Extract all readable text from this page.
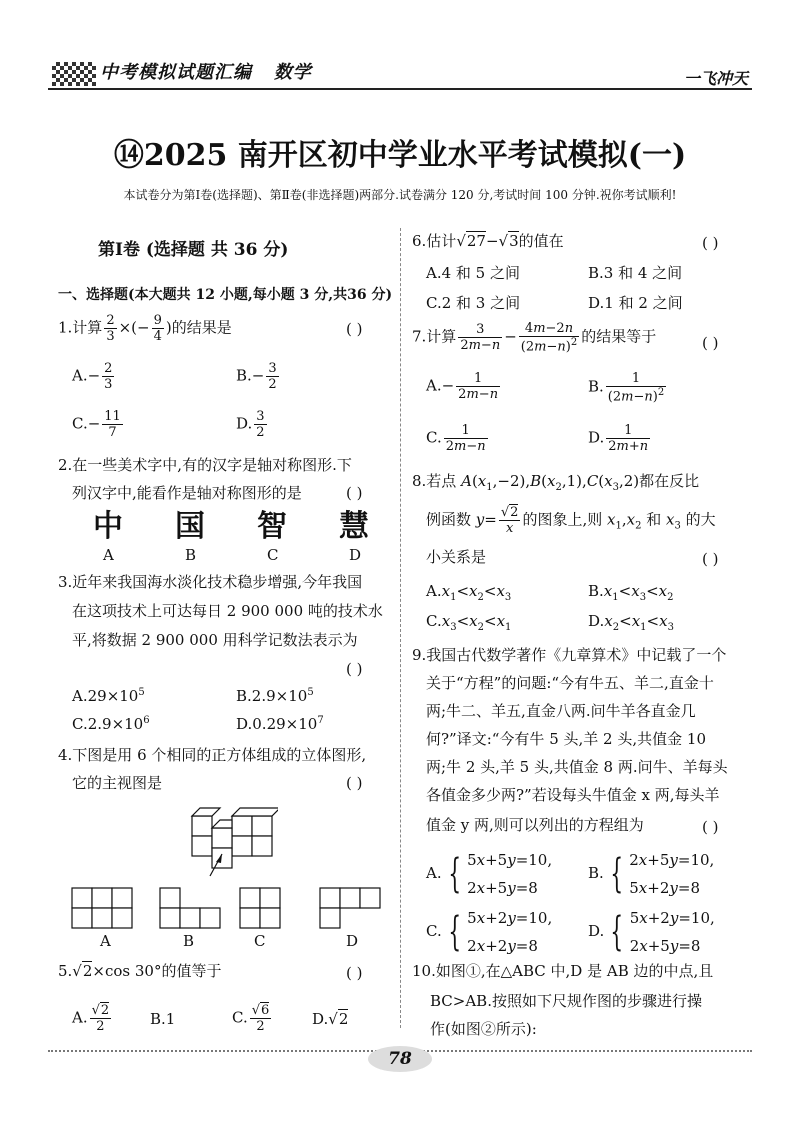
中考模拟试题汇编 数学	一飞冲天
⑭2025 南开区初中学业水平考试模拟(一)
本试卷分为第Ⅰ卷(选择题)、第Ⅱ卷(非选择题)两部分.试卷满分 120 分,考试时间 100 分钟.祝你考试顺利!
第Ⅰ卷 (选择题 共 36 分)
一、选择题(本大题共 12 小题,每小题 3 分,共36 分)
1.计算 $\frac{2}{3}$ ×(− $\frac{9}{4}$ )的结果是	( )
$A.- \frac{2}{3}$	$B.- \frac{3}{2}$
$C.- \frac{11}{7}$	D. $\frac{3}{2}$
2.在一些美术字中,有的汉字是轴对称图形.下
列汉字中,能看作是轴对称图形的是	( )
中 国 智 慧
A	B	C	D
3.近年来我国海水淡化技术稳步增强,今年我国
在这项技术上可达每日 2 900 000 吨的技术水
平,将数据 2 900 000 用科学记数法表示为
( )
$A.29\times 10^5$	$B.2.9\times 10^5$
$C.2.9\times 10^6$	$D.0.29\times 10^7$
4.下图是用 6 个相同的正方体组成的立体图形,
它的主视图是	( )
A	B	C	D
5.√2×cos 30°的值等于	( )
A. $\frac{√2}{2}$	B.1	C. $\frac{√6}{2}$	D.√2
6.估计√27−√3的值在	( )
A.4 和 5 之间	B.3 和 4 之间
C.2 和 3 之间	D.1 和 2 之间
7.计算 $\frac{3}{2m-n} - \frac{4m-2n}{(2m-n)^2}$ 的结果等于	( )
$A.- \frac{1}{2m-n}$	B. $\frac{1}{(2m-n)^2}$
C. $\frac{1}{2m-n}$	D. $\frac{1}{2m+n}$
8.若点 $A(x_1,-2),B(x_2,1),C(x_3,2)$都在反比
例函数 $y= \frac{√2}{x}$ 的图象上,则 $x_1,x_2$ 和 $x_3$ 的大
小关系是	( )
$A.x_1<x_2<x_3$	$B.x_1<x_3<x_2$
$C.x_3<x_2<x_1$	$D.x_2<x_1<x_3$
9.我国古代数学著作《九章算术》中记载了一个
关于“方程”的问题:“今有牛五、羊二,直金十
两;牛二、羊五,直金八两.问牛羊各直金几
何?”译文:“今有牛 5 头,羊 2 头,共值金 10
两;牛 2 头,羊 5 头,共值金 8 两.问牛、羊每头
各值金多少两?”若设每头牛值金 x 两,每头羊
值金 y 两,则可以列出的方程组为	( )
A. { 5x+5y=10,
2x+5y=8
B. { 2x+5y=10,
5x+2y=8
C. { 5x+2y=10,
2x+2y=8
D. { 5x+2y=10,
2x+5y=8
10.如图①,在△ABC 中,D 是 AB 边的中点,且
BC>AB.按照如下尺规作图的步骤进行操
作(如图②所示):
78
